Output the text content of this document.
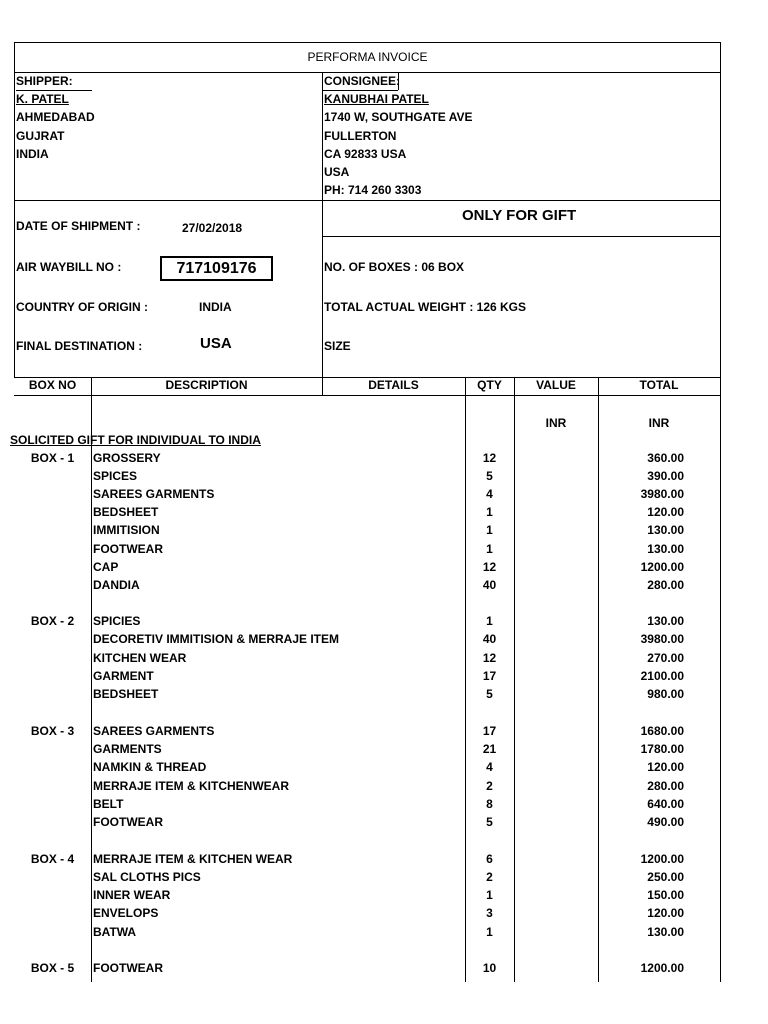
PERFORMA INVOICE
SHIPPER:
K. PATEL
AHMEDABAD
GUJRAT
INDIA
CONSIGNEE:
KANUBHAI PATEL
1740 W, SOUTHGATE AVE
FULLERTON
CA 92833 USA
USA
PH: 714 260 3303
DATE OF SHIPMENT :	27/02/2018
ONLY FOR GIFT
AIR WAYBILL NO :	717109176	NO. OF BOXES : 06 BOX
COUNTRY OF ORIGIN :	INDIA	TOTAL ACTUAL WEIGHT : 126 KGS
FINAL DESTINATION :	USA	SIZE
BOX NO	DESCRIPTION	DETAILS	QTY	VALUE	TOTAL
INR	INR
SOLICITED GIFT FOR INDIVIDUAL TO INDIA
BOX - 1	GROSSERY	12	360.00
SPICES	5	390.00
SAREES GARMENTS	4	3980.00
BEDSHEET	1	120.00
IMMITISION	1	130.00
FOOTWEAR	1	130.00
CAP	12	1200.00
DANDIA	40	280.00
BOX - 2	SPICIES	1	130.00
DECORETIV IMMITISION & MERRAJE ITEM	40	3980.00
KITCHEN WEAR	12	270.00
GARMENT	17	2100.00
BEDSHEET	5	980.00
BOX - 3	SAREES GARMENTS	17	1680.00
GARMENTS	21	1780.00
NAMKIN & THREAD	4	120.00
MERRAJE ITEM & KITCHENWEAR	2	280.00
BELT	8	640.00
FOOTWEAR	5	490.00
BOX - 4	MERRAJE ITEM & KITCHEN WEAR	6	1200.00
SAL CLOTHS PICS	2	250.00
INNER WEAR	1	150.00
ENVELOPS	3	120.00
BATWA	1	130.00
BOX - 5	FOOTWEAR	10	1200.00
